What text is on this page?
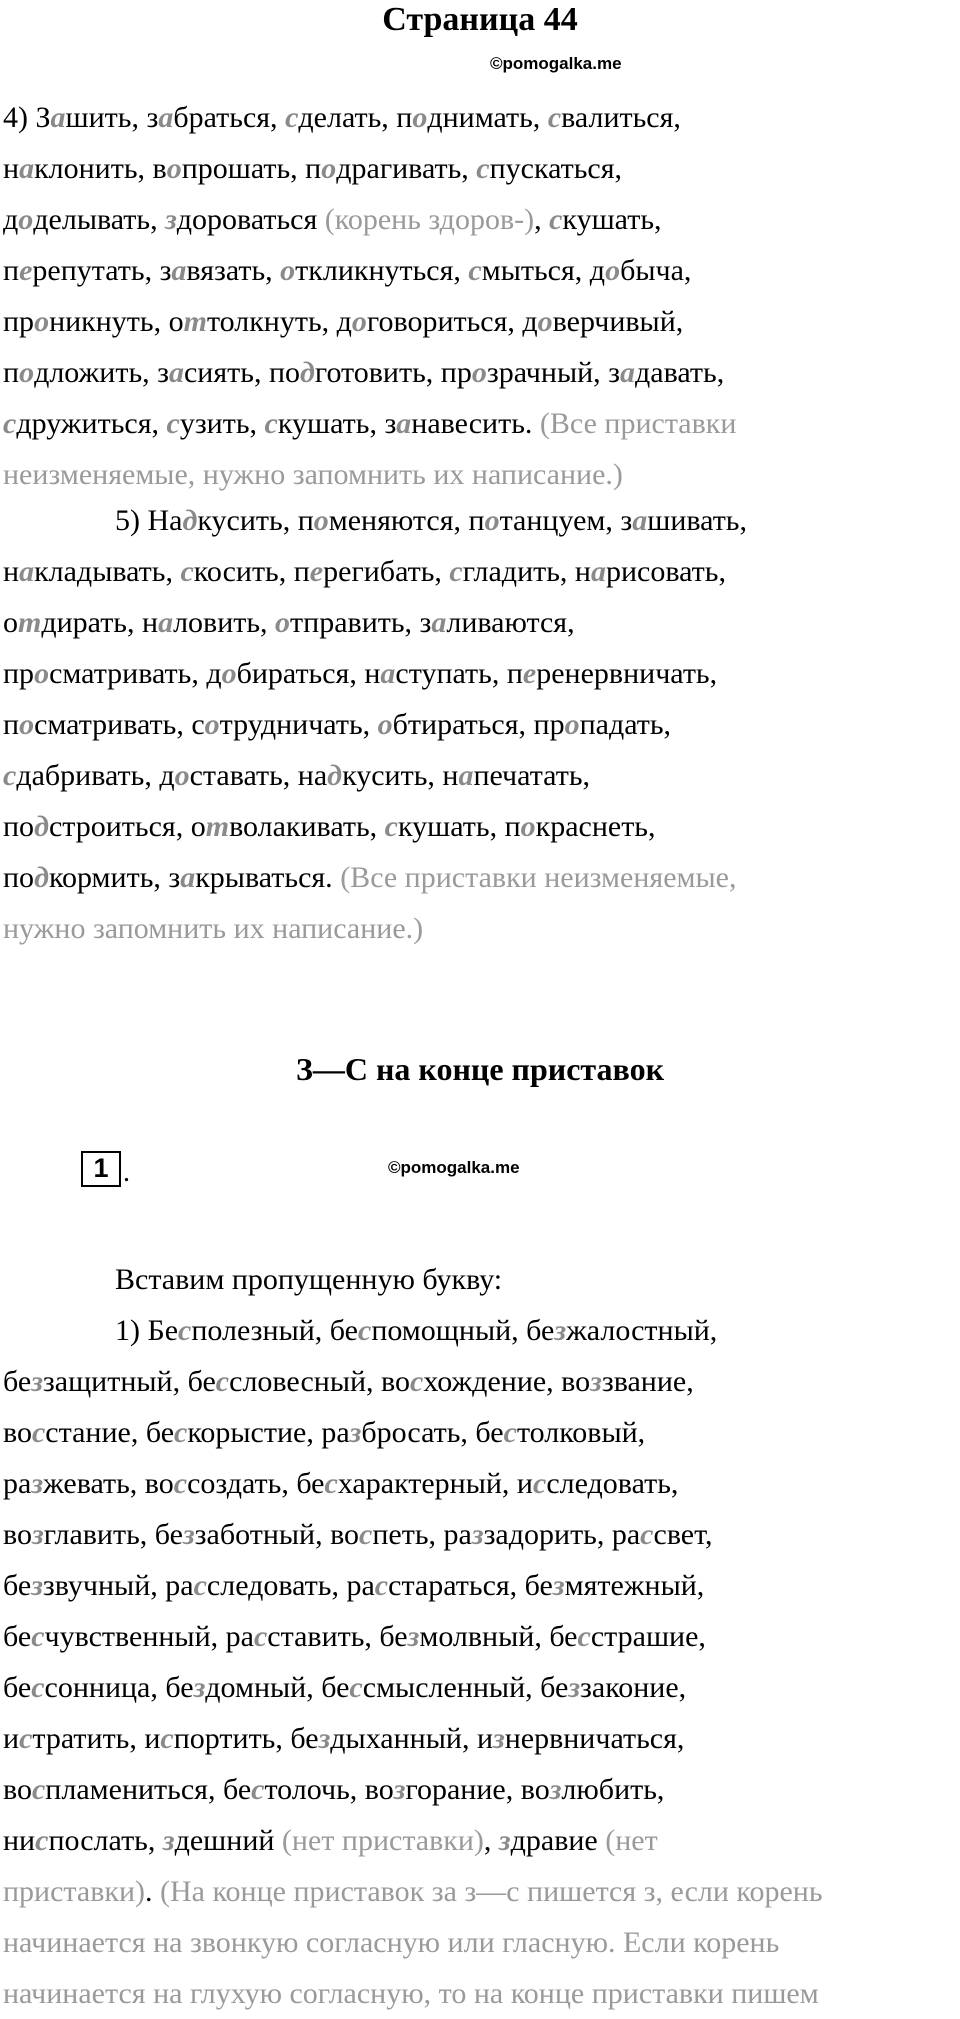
Страница 44
©pomogalka.me
4) Зашить, забраться, сделать, поднимать, свалиться,
наклонить, вопрошать, подрагивать, спускаться,
доделывать, здороваться (корень здоров-), скушать,
перепутать, завязать, откликнуться, смыться, добыча,
проникнуть, оттолкнуть, договориться, доверчивый,
подложить, засиять, подготовить, прозрачный, задавать,
сдружиться, сузить, скушать, занавесить. (Все приставки
неизменяемые, нужно запомнить их написание.)
5) Надкусить, поменяются, потанцуем, зашивать,
накладывать, скосить, перегибать, сгладить, нарисовать,
отдирать, наловить, отправить, заливаются,
просматривать, добираться, наступать, перенервничать,
посматривать, сотрудничать, обтираться, пропадать,
сдабривать, доставать, надкусить, напечатать,
подстроиться, отволакивать, скушать, покраснеть,
подкормить, закрываться. (Все приставки неизменяемые,
нужно запомнить их написание.)
З—С на конце приставок
1 .	©pomogalka.me
Вставим пропущенную букву:
1) Бесполезный, беспомощный, безжалостный,
беззащитный, бессловесный, восхождение, воззвание,
восстание, бескорыстие, разбросать, бестолковый,
разжевать, воссоздать, бесхарактерный, исследовать,
возглавить, беззаботный, воспеть, раззадорить, рассвет,
беззвучный, расследовать, расстараться, безмятежный,
бесчувственный, расставить, безмолвный, бесстрашие,
бессонница, бездомный, бессмысленный, беззаконие,
истратить, испортить, бездыханный, изнервничаться,
воспламениться, бестолочь, возгорание, возлюбить,
ниспослать, здешний (нет приставки), здравие (нет
приставки). (На конце приставок за з—с пишется з, если корень
начинается на звонкую согласную или гласную. Если корень
начинается на глухую согласную, то на конце приставки пишем
